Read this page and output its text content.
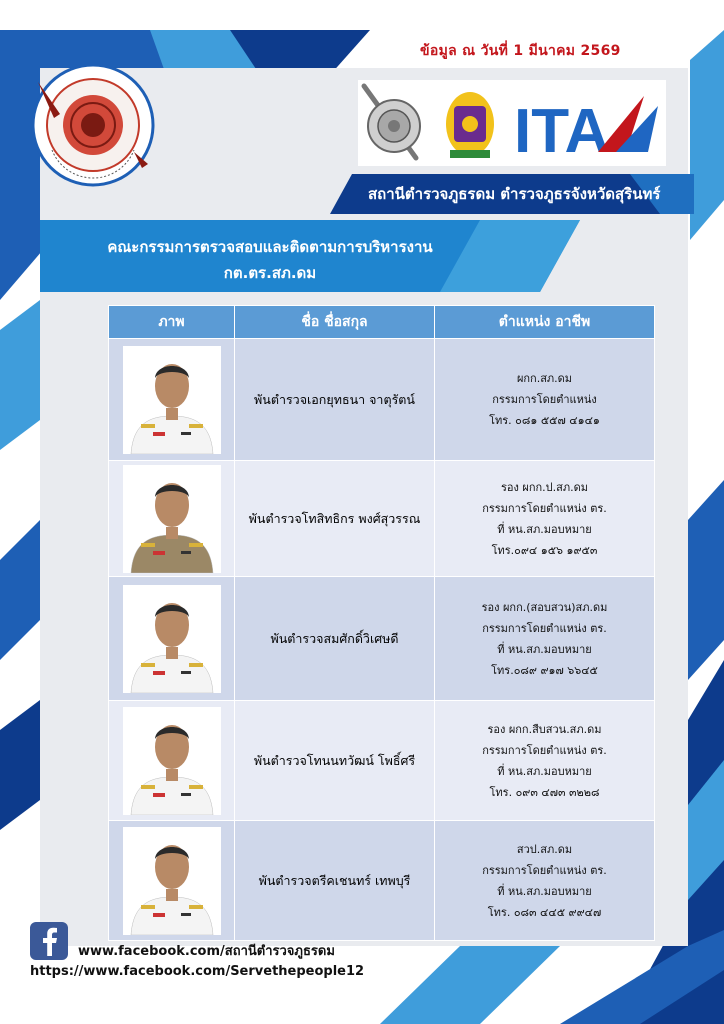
ข้อมูล ณ วันที่ 1 มีนาคม 2569
ITA
สถานีตำรวจภูธรดม ตำรวจภูธรจังหวัดสุรินทร์
คณะกรรมการตรวจสอบและติดตามการบริหารงาน
กต.ตร.สภ.ดม
ภาพ	ชื่อ ชื่อสกุล	ตำแหน่ง อาชีพ

	พันตำรวจเอกยุทธนา จาตุรัตน์	ผกก.สภ.ดม
กรรมการโดยตำแหน่ง
โทร. ๐๘๑ ๕๕๗ ๔๑๔๑

	พันตำรวจโทสิทธิกร พงศ์สุวรรณ	รอง ผกก.ป.สภ.ดม
กรรมการโดยตำแหน่ง ตร.
ที่ หน.สภ.มอบหมาย
โทร.๐๙๔ ๑๕๖ ๑๙๕๓

	พันตำรวจสมศักดิ์วิเศษดี	รอง ผกก.(สอบสวน)สภ.ดม
กรรมการโดยตำแหน่ง ตร.
ที่ หน.สภ.มอบหมาย
โทร.๐๘๙ ๙๑๗ ๖๖๔๕

	พันตำรวจโทนนทวัฒน์ โพธิ์ศรี	รอง ผกก.สืบสวน.สภ.ดม
กรรมการโดยตำแหน่ง ตร.
ที่ หน.สภ.มอบหมาย
โทร. ๐๙๓ ๔๗๓ ๓๒๒๘

	พันตำรวจตรีคเชนทร์ เทพบุรี	สวป.สภ.ดม
กรรมการโดยตำแหน่ง ตร.
ที่ หน.สภ.มอบหมาย
โทร. ๐๘๓ ๔๔๕ ๙๙๔๗
www.facebook.com/สถานีตำรวจภูธรดม
https://www.facebook.com/Servethepeople12
